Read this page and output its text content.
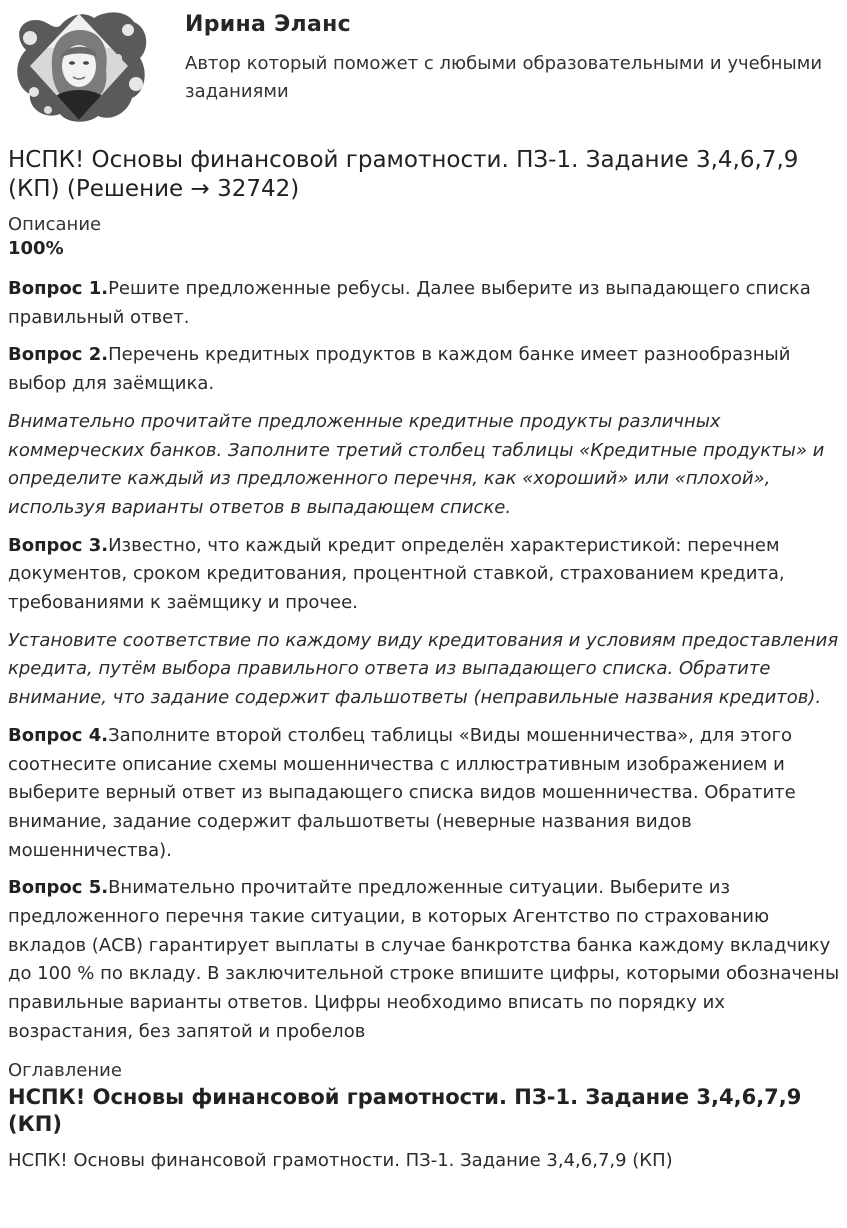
Ирина Эланс
Автор который поможет с любыми образовательными и учебными заданиями
НСПК! Основы финансовой грамотности. ПЗ-1. Задание 3,4,6,7,9 (КП) (Решение → 32742)
Описание
100%

Вопрос 1.Решите предложенные ребусы. Далее выберите из выпадающего списка правильный ответ.

Вопрос 2.Перечень кредитных продуктов в каждом банке имеет разнообразный выбор для заёмщика.

Внимательно прочитайте предложенные кредитные продукты различных коммерческих банков. Заполните третий столбец таблицы «Кредитные продукты» и определите каждый из предложенного перечня, как «хороший» или «плохой», используя варианты ответов в выпадающем списке.

Вопрос 3.Известно, что каждый кредит определён характеристикой: перечнем документов, сроком кредитования, процентной ставкой, страхованием кредита, требованиями к заёмщику и прочее.

Установите соответствие по каждому виду кредитования и условиям предоставления кредита, путём выбора правильного ответа из выпадающего списка. Обратите внимание, что задание содержит фальшответы (неправильные названия кредитов).

Вопрос 4.Заполните второй столбец таблицы «Виды мошенничества», для этого соотнесите описание схемы мошенничества с иллюстративным изображением и выберите верный ответ из выпадающего списка видов мошенничества. Обратите внимание, задание содержит фальшответы (неверные названия видов мошенничества).

Вопрос 5.Внимательно прочитайте предложенные ситуации. Выберите из предложенного перечня такие ситуации, в которых Агентство по страхованию вкладов (АСВ) гарантирует выплаты в случае банкротства банка каждому вкладчику до 100 % по вкладу. В заключительной строке впишите цифры, которыми обозначены правильные варианты ответов. Цифры необходимо вписать по порядку их возрастания, без запятой и пробелов

Оглавление
НСПК! Основы финансовой грамотности. ПЗ-1. Задание 3,4,6,7,9 (КП)
НСПК! Основы финансовой грамотности. ПЗ-1. Задание 3,4,6,7,9 (КП)
